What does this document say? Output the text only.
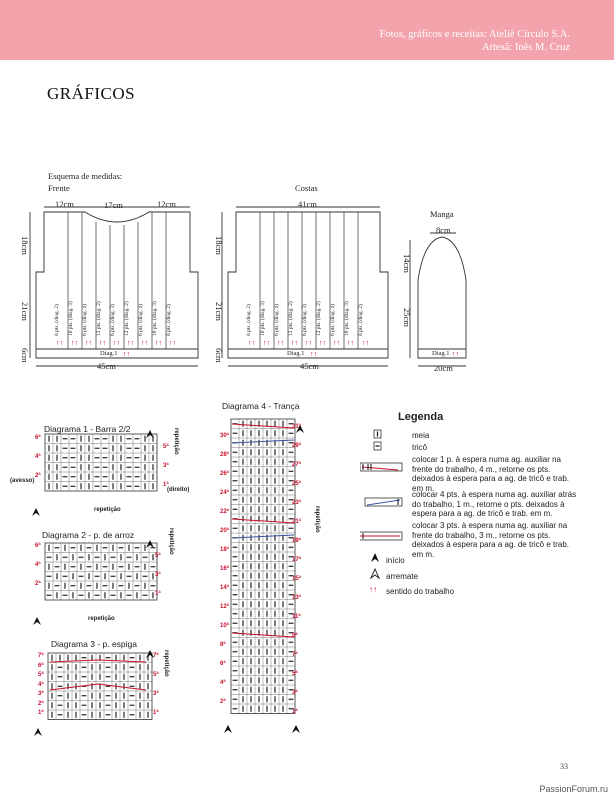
Fotos, gráficos e receitas: Ateliê Círculo S.A.
Artesã: Inês M. Cruz
GRÁFICOS
Esquema de medidas:
Frente	Costas
Manga
12cm	17cm	12cm
45cm
18cm
21cm
6cm
41cm
45cm
18cm
21cm
6cm
8cm
14cm
25cm
20cm
↑↑ ↑↑ ↑↑ ↑↑ ↑↑ ↑↑ ↑↑ ↑↑ ↑↑	↑↑ ↑↑ ↑↑ ↑↑ ↑↑ ↑↑ ↑↑ ↑↑ ↑↑
↑↑	↑↑	↑↑
8 pts. (diag. 2) 10 pts. (diag. 3) 6 pts. (diag. 4) 12 pts. (diag. 2) 6 pts. (diag. 3) 12 pts. (diag. 2) 6 pts. (diag. 4) 10 pts. (diag. 3) 8 pts. (diag. 2)	8 pts. (diag. 2) 10 pts. (diag. 3) 6 pts. (diag. 4) 12 pts. (diag. 2) 6 pts. (diag. 3) 12 pts. (diag. 2) 6 pts. (diag. 4) 10 pts. (diag. 3) 8 pts. (diag. 2)
Diag.1	Diag.1	Diag.1
Diagrama 1 - Barra 2/2
Diagrama 2 - p. de arroz
Diagrama 3 - p. espiga
Diagrama 4 - Trança
6ª
4ª
2ª
5ª
3ª
1ª
(avesso)
(direito)
repetição
repetição
6ª
4ª
2ª
5ª
3ª
1ª
repetição
repetição
7ª
6ª
5ª
4ª
3ª
2ª
1ª
7ª
5ª
3ª
1ª
repetição
30ª
28ª
26ª
24ª
22ª
20ª
18ª
16ª
14ª
12ª
10ª
8ª
6ª
4ª
2ª
31ª
29ª
27ª
25ª
23ª
21ª
19ª
17ª
15ª
13ª
11ª
9ª
7ª
5ª
3ª
1ª
repetição
Legenda
↑↑
meia
tricô
colocar 1 p. à espera numa ag. auxiliar na frente do trabalho, 4 m., retorne os pts. deixados à espera para a ag. de tricô e trab. em m.
colocar 4 pts. à espera numa ag. auxiliar atrás do trabalho, 1 m., retorne o pts. deixados à espera para a ag. de tricô e trab. em m.
colocar 3 pts. à espera numa ag. auxiliar na frente do trabalho, 3 m., retorne os pts. deixados à espera para a ag. de tricô e trab. em m.
início
arremate
sentido do trabalho
33
PassionForum.ru
